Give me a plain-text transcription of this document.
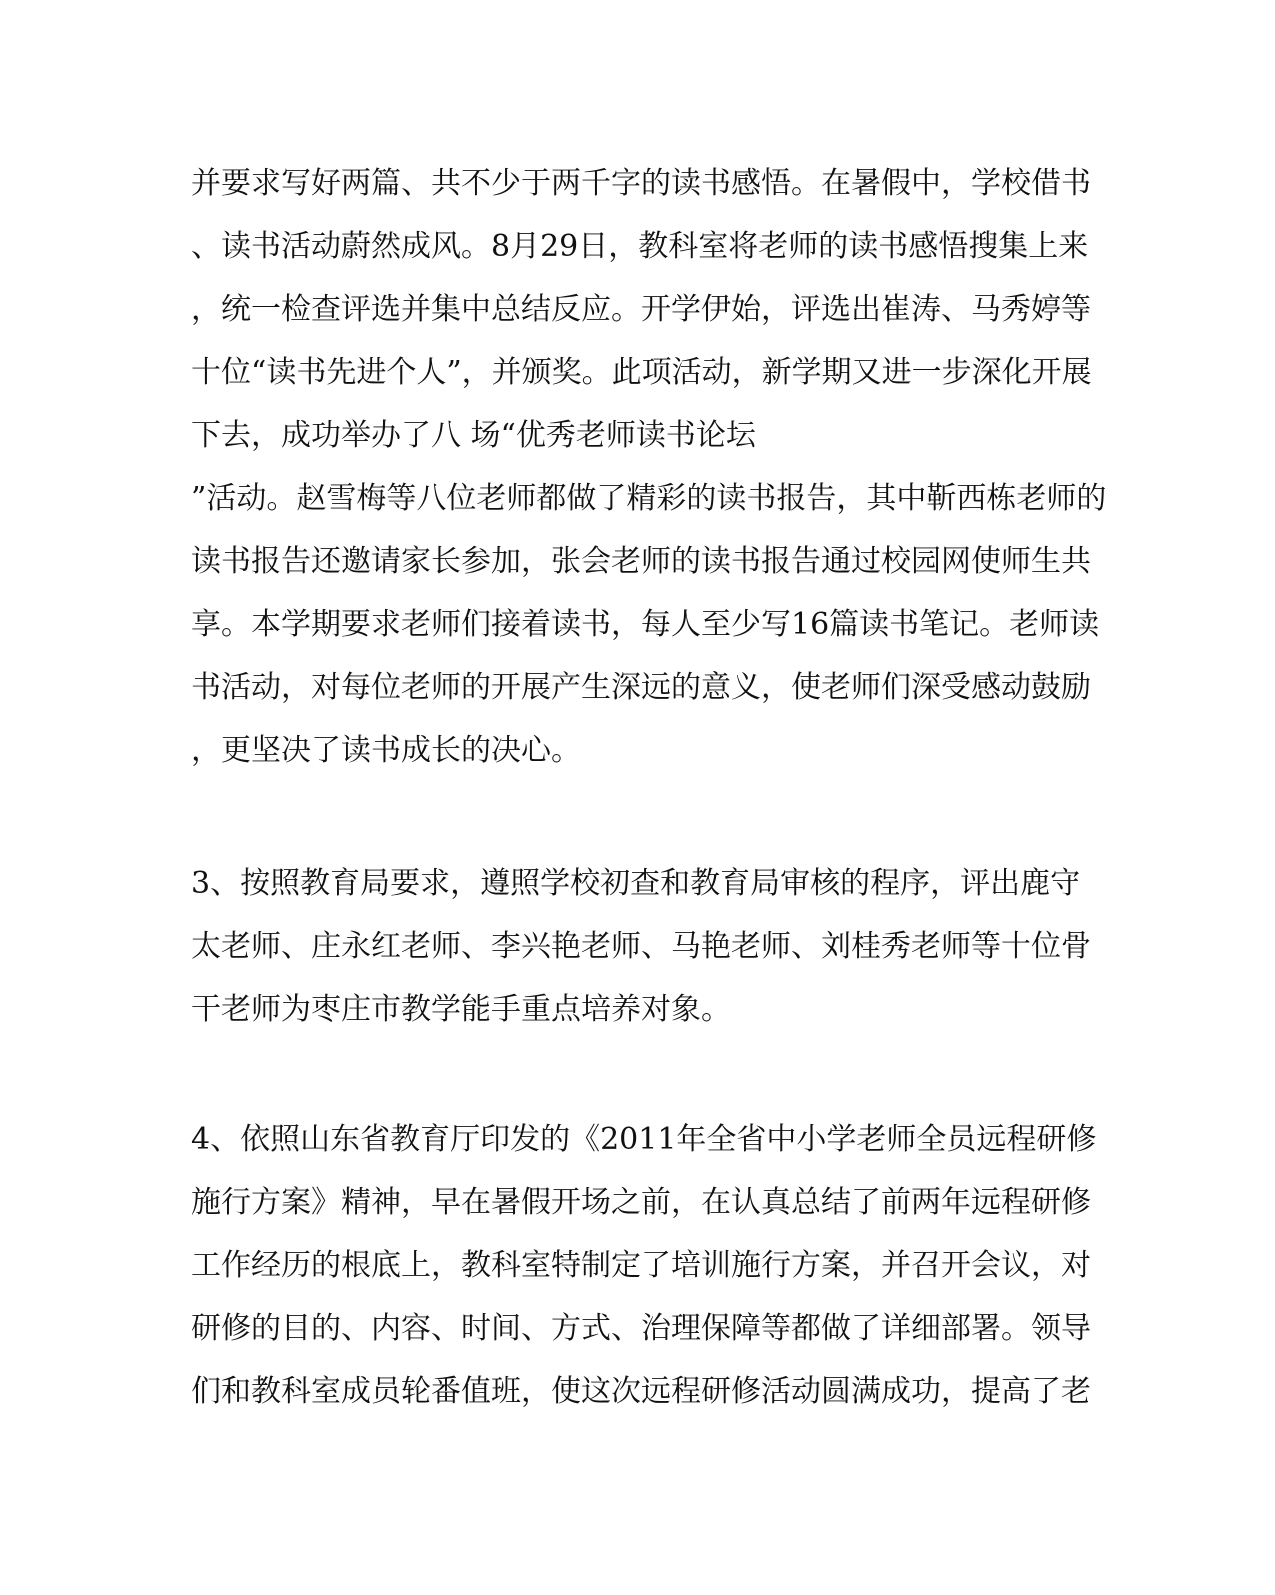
并要求写好两篇、共不少于两千字的读书感悟。在暑假中，学校借书
、读书活动蔚然成风。8月29日，教科室将老师的读书感悟搜集上来
，统一检查评选并集中总结反应。开学伊始，评选出崔涛、马秀婷等
十位“读书先进个人”，并颁奖。此项活动，新学期又进一步深化开展
下去，成功举办了八 场“优秀老师读书论坛
”活动。赵雪梅等八位老师都做了精彩的读书报告，其中靳西栋老师的
读书报告还邀请家长参加，张会老师的读书报告通过校园网使师生共
享。本学期要求老师们接着读书，每人至少写16篇读书笔记。老师读
书活动，对每位老师的开展产生深远的意义，使老师们深受感动鼓励
，更坚决了读书成长的决心。
3、按照教育局要求，遵照学校初查和教育局审核的程序，评出鹿守
太老师、庄永红老师、李兴艳老师、马艳老师、刘桂秀老师等十位骨
干老师为枣庄市教学能手重点培养对象。
4、依照山东省教育厅印发的《2011年全省中小学老师全员远程研修
施行方案》精神，早在暑假开场之前，在认真总结了前两年远程研修
工作经历的根底上，教科室特制定了培训施行方案，并召开会议，对
研修的目的、内容、时间、方式、治理保障等都做了详细部署。领导
们和教科室成员轮番值班，使这次远程研修活动圆满成功，提高了老
